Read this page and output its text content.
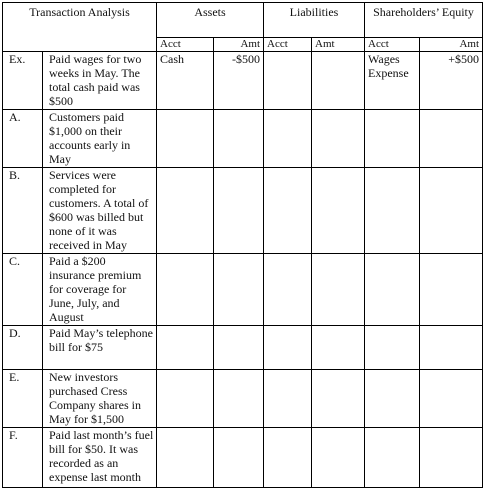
Transaction Analysis		Assets		Liabilities		Shareholders’ Equity	
		Acct	Amt	Acct	Amt	Acct	Amt
Ex.	Paid wages for two weeks in May. The total cash paid was $500	Cash	-$500			Wages Expense	+$500
A.	Customers paid $1,000 on their accounts early in May						
B.	Services were completed for customers. A total of $600 was billed but none of it was received in May						
C.	Paid a $200 insurance premium for coverage for June, July, and August						
D.	Paid May’s telephone bill for $75						
E.	New investors purchased Cress Company shares in May for $1,500						
F.	Paid last month’s fuel bill for $50. It was recorded as an expense last month						
